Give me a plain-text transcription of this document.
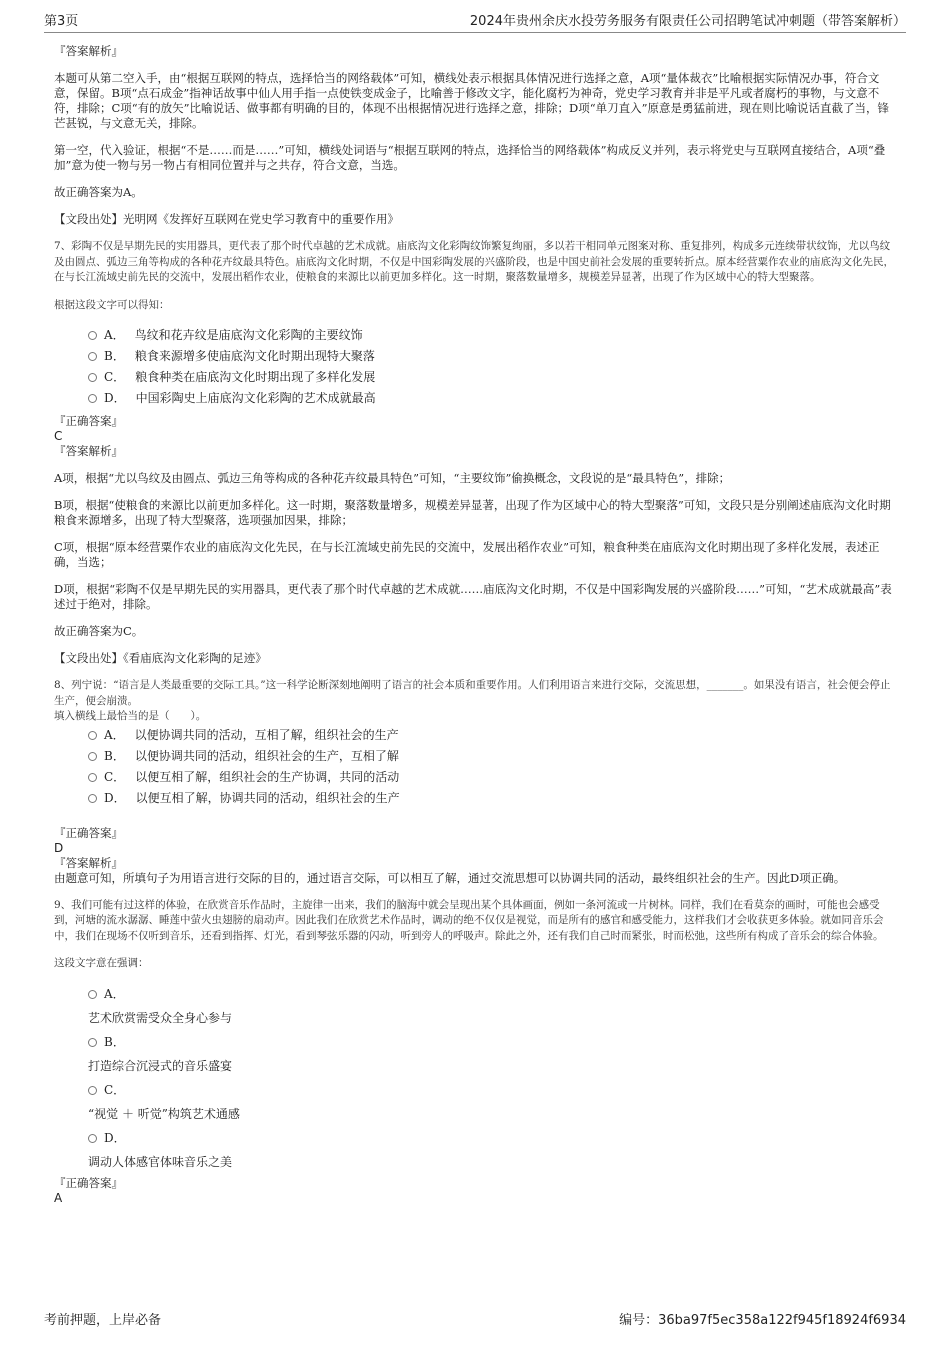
第3页	2024年贵州余庆水投劳务服务有限责任公司招聘笔试冲刺题（带答案解析）

『答案解析』

本题可从第二空入手，由“根据互联网的特点，选择恰当的网络载体”可知，横线处表示根据具体情况进行选择之意，A项“量体裁衣”比喻根据实际情况办事，符合文意，保留。B项“点石成金”指神话故事中仙人用手指一点使铁变成金子，比喻善于修改文字，能化腐朽为神奇，党史学习教育并非是平凡或者腐朽的事物，与文意不符，排除；C项“有的放矢”比喻说话、做事都有明确的目的，体现不出根据情况进行选择之意，排除；D项“单刀直入”原意是勇猛前进，现在则比喻说话直截了当，锋芒甚锐，与文意无关，排除。

第一空，代入验证，根据“不是……而是……”可知，横线处词语与“根据互联网的特点，选择恰当的网络载体”构成反义并列，表示将党史与互联网直接结合，A项“叠加”意为使一物与另一物占有相同位置并与之共存，符合文意，当选。

故正确答案为A。

【文段出处】光明网《发挥好互联网在党史学习教育中的重要作用》

7、彩陶不仅是早期先民的实用器具，更代表了那个时代卓越的艺术成就。庙底沟文化彩陶纹饰繁复绚丽，多以若干相同单元图案对称、重复排列，构成多元连续带状纹饰，尤以鸟纹及由圆点、弧边三角等构成的各种花卉纹最具特色。庙底沟文化时期，不仅是中国彩陶发展的兴盛阶段，也是中国史前社会发展的重要转折点。原本经营粟作农业的庙底沟文化先民，在与长江流域史前先民的交流中，发展出稻作农业，使粮食的来源比以前更加多样化。这一时期，聚落数量增多，规模差异显著，出现了作为区域中心的特大型聚落。

根据这段文字可以得知：

A． 鸟纹和花卉纹是庙底沟文化彩陶的主要纹饰
B． 粮食来源增多使庙底沟文化时期出现特大聚落
C． 粮食种类在庙底沟文化时期出现了多样化发展
D． 中国彩陶史上庙底沟文化彩陶的艺术成就最高

『正确答案』

C

『答案解析』

A项，根据“尤以鸟纹及由圆点、弧边三角等构成的各种花卉纹最具特色”可知，“主要纹饰”偷换概念，文段说的是“最具特色”，排除；

B项，根据“使粮食的来源比以前更加多样化。这一时期，聚落数量增多，规模差异显著，出现了作为区域中心的特大型聚落”可知，文段只是分别阐述庙底沟文化时期粮食来源增多，出现了特大型聚落，选项强加因果，排除；

C项，根据“原本经营粟作农业的庙底沟文化先民，在与长江流域史前先民的交流中，发展出稻作农业”可知，粮食种类在庙底沟文化时期出现了多样化发展，表述正确，当选；

D项，根据“彩陶不仅是早期先民的实用器具，更代表了那个时代卓越的艺术成就……庙底沟文化时期，不仅是中国彩陶发展的兴盛阶段……”可知，“艺术成就最高”表述过于绝对，排除。

故正确答案为C。

【文段出处】《看庙底沟文化彩陶的足迹》

8、列宁说：“语言是人类最重要的交际工具。”这一科学论断深刻地阐明了语言的社会本质和重要作用。人们利用语言来进行交际，交流思想，_______。如果没有语言，社会便会停止生产，便会崩溃。

填入横线上最恰当的是（　　）。

A． 以便协调共同的活动，互相了解，组织社会的生产
B． 以便协调共同的活动，组织社会的生产，互相了解
C． 以便互相了解，组织社会的生产协调，共同的活动
D． 以便互相了解，协调共同的活动，组织社会的生产

『正确答案』

D

『答案解析』

由题意可知，所填句子为用语言进行交际的目的，通过语言交际，可以相互了解，通过交流思想可以协调共同的活动，最终组织社会的生产。因此D项正确。

9、我们可能有过这样的体验，在欣赏音乐作品时，主旋律一出来，我们的脑海中就会呈现出某个具体画面，例如一条河流或一片树林。同样，我们在看莫奈的画时，可能也会感受到，河塘的流水潺潺、睡莲中萤火虫翅膀的扇动声。因此我们在欣赏艺术作品时，调动的绝不仅仅是视觉，而是所有的感官和感受能力，这样我们才会收获更多体验。就如同音乐会中，我们在现场不仅听到音乐，还看到指挥、灯光，看到琴弦乐器的闪动，听到旁人的呼吸声。除此之外，还有我们自己时而紧张，时而松弛，这些所有构成了音乐会的综合体验。

这段文字意在强调：

A．
艺术欣赏需受众全身心参与
B．
打造综合沉浸式的音乐盛宴
C．
“视觉 ＋ 听觉”构筑艺术通感
D．
调动人体感官体味音乐之美

『正确答案』

A

考前押题，上岸必备	编号：36ba97f5ec358a122f945f18924f6934
